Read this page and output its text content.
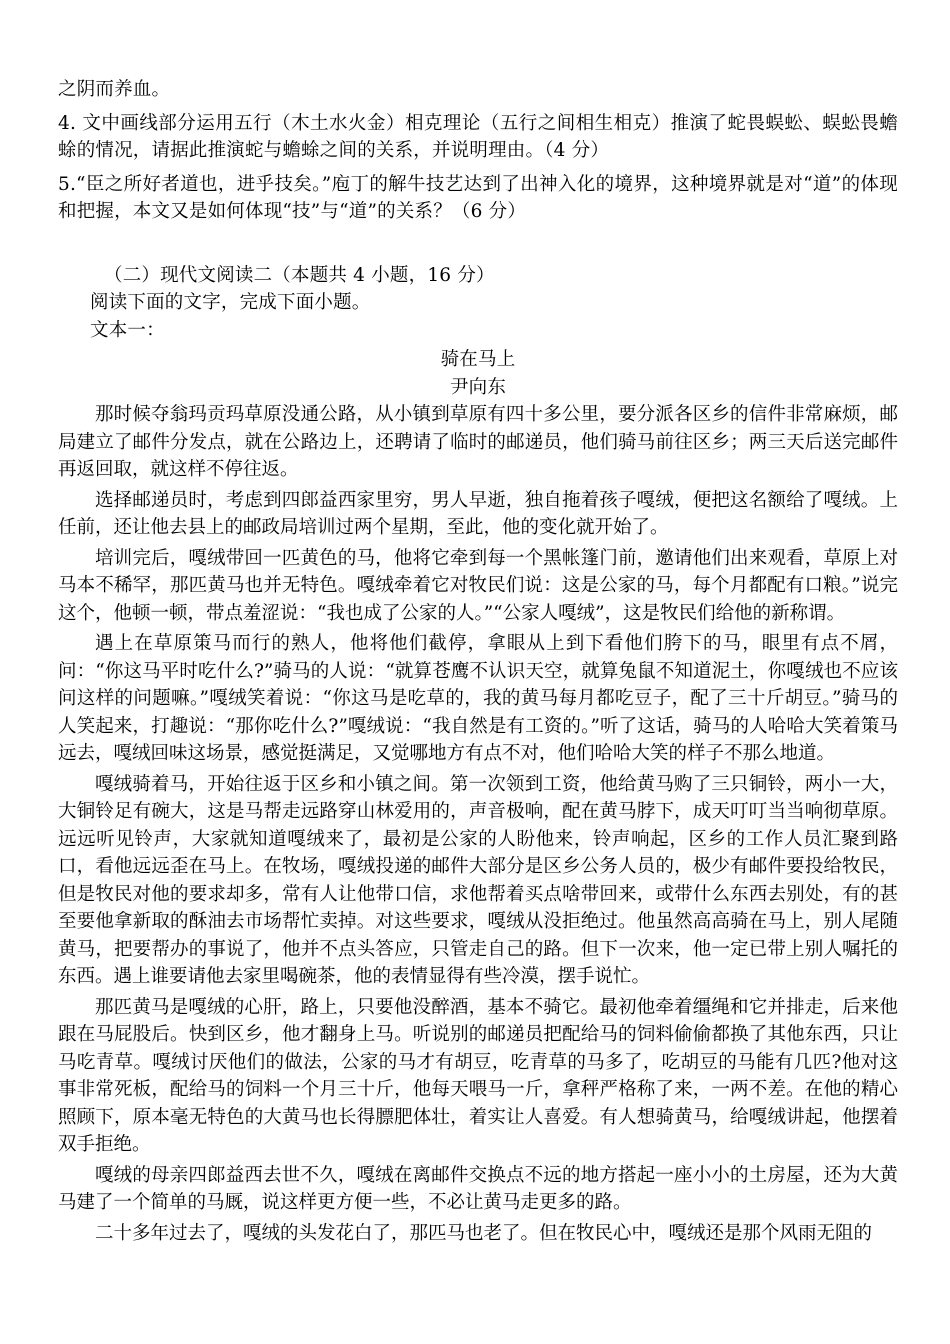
之阴而养血。
4. 文中画线部分运用五行（木土水火金）相克理论（五行之间相生相克）推演了蛇畏蜈蚣、蜈蚣畏蟾蜍的情况，请据此推演蛇与蟾蜍之间的关系，并说明理由。（4 分）
5.“臣之所好者道也，进乎技矣。”庖丁的解牛技艺达到了出神入化的境界，这种境界就是对“道”的体现和把握，本文又是如何体现“技”与“道”的关系？（6 分）
（二）现代文阅读二（本题共 4 小题，16 分）
阅读下面的文字，完成下面小题。
文本一：
骑在马上
尹向东

那时候夺翁玛贡玛草原没通公路，从小镇到草原有四十多公里，要分派各区乡的信件非常麻烦，邮局建立了邮件分发点，就在公路边上，还聘请了临时的邮递员，他们骑马前往区乡；两三天后送完邮件再返回取，就这样不停往返。

选择邮递员时，考虑到四郎益西家里穷，男人早逝，独自拖着孩子嘎绒，便把这名额给了嘎绒。上任前，还让他去县上的邮政局培训过两个星期，至此，他的变化就开始了。

培训完后，嘎绒带回一匹黄色的马，他将它牵到每一个黑帐篷门前，邀请他们出来观看，草原上对马本不稀罕，那匹黄马也并无特色。嘎绒牵着它对牧民们说：这是公家的马，每个月都配有口粮。”说完这个，他顿一顿，带点羞涩说：“我也成了公家的人。”“公家人嘎绒”，这是牧民们给他的新称谓。

遇上在草原策马而行的熟人，他将他们截停，拿眼从上到下看他们胯下的马，眼里有点不屑，问：“你这马平时吃什么?”骑马的人说：“就算苍鹰不认识天空，就算兔鼠不知道泥土，你嘎绒也不应该问这样的问题嘛。”嘎绒笑着说：“你这马是吃草的，我的黄马每月都吃豆子，配了三十斤胡豆。”骑马的人笑起来，打趣说：“那你吃什么?”嘎绒说：“我自然是有工资的。”听了这话，骑马的人哈哈大笑着策马远去，嘎绒回味这场景，感觉挺满足，又觉哪地方有点不对，他们哈哈大笑的样子不那么地道。

嘎绒骑着马，开始往返于区乡和小镇之间。第一次领到工资，他给黄马购了三只铜铃，两小一大，大铜铃足有碗大，这是马帮走远路穿山林爱用的，声音极响，配在黄马脖下，成天叮叮当当响彻草原。远远听见铃声，大家就知道嘎绒来了，最初是公家的人盼他来，铃声响起，区乡的工作人员汇聚到路口，看他远远歪在马上。在牧场，嘎绒投递的邮件大部分是区乡公务人员的，极少有邮件要投给牧民，但是牧民对他的要求却多，常有人让他带口信，求他帮着买点啥带回来，或带什么东西去别处，有的甚至要他拿新取的酥油去市场帮忙卖掉。对这些要求，嘎绒从没拒绝过。他虽然高高骑在马上，别人尾随黄马，把要帮办的事说了，他并不点头答应，只管走自己的路。但下一次来，他一定已带上别人嘱托的东西。遇上谁要请他去家里喝碗茶，他的表情显得有些冷漠，摆手说忙。

那匹黄马是嘎绒的心肝，路上，只要他没醉酒，基本不骑它。最初他牵着缰绳和它并排走，后来他跟在马屁股后。快到区乡，他才翻身上马。听说别的邮递员把配给马的饲料偷偷都换了其他东西，只让马吃青草。嘎绒讨厌他们的做法，公家的马才有胡豆，吃青草的马多了，吃胡豆的马能有几匹?他对这事非常死板，配给马的饲料一个月三十斤，他每天喂马一斤，拿秤严格称了来，一两不差。在他的精心照顾下，原本毫无特色的大黄马也长得膘肥体壮，着实让人喜爱。有人想骑黄马，给嘎绒讲起，他摆着双手拒绝。

嘎绒的母亲四郎益西去世不久，嘎绒在离邮件交换点不远的地方搭起一座小小的土房屋，还为大黄马建了一个简单的马厩，说这样更方便一些，不必让黄马走更多的路。

二十多年过去了，嘎绒的头发花白了，那匹马也老了。但在牧民心中，嘎绒还是那个风雨无阻的
